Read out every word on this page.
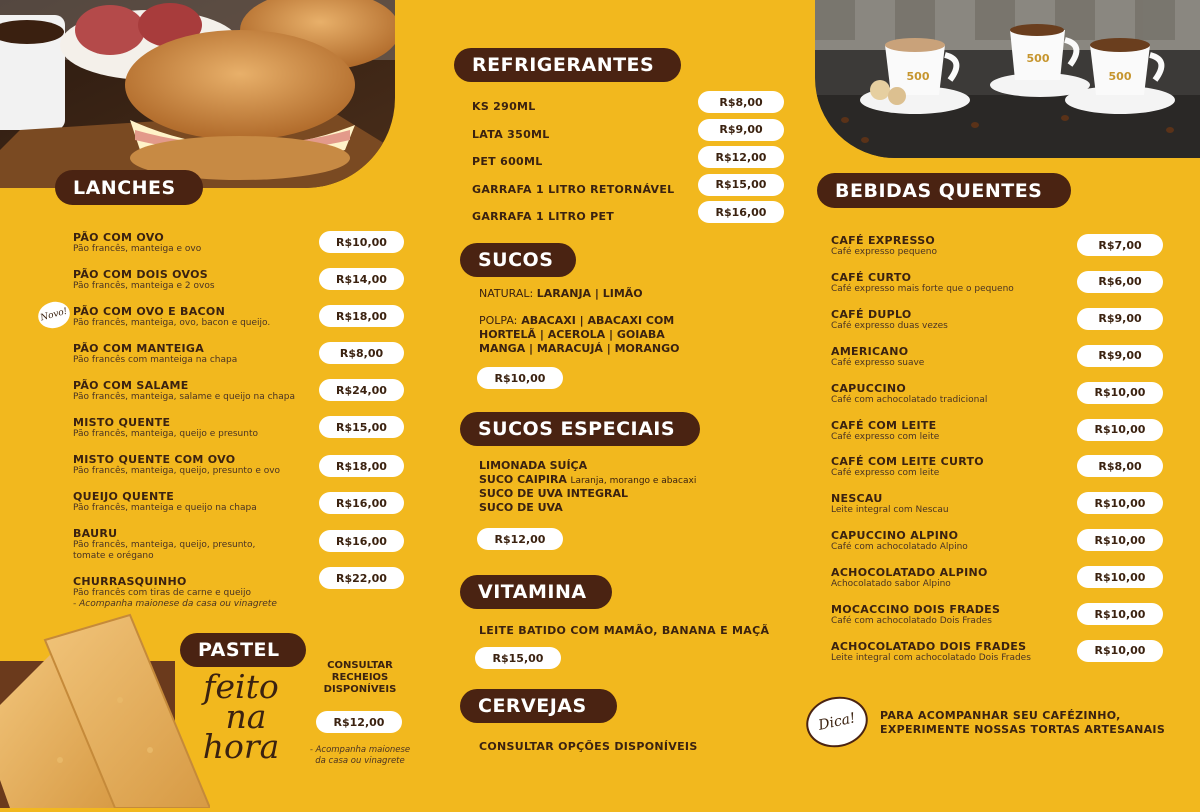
LANCHES
PÃO COM OVO
Pão francês, manteiga e ovo
R$10,00
PÃO COM DOIS OVOS
Pão francês, manteiga e 2 ovos
R$14,00
PÃO COM OVO E BACON
Pão francês, manteiga, ovo, bacon e queijo.
R$18,00
PÃO COM MANTEIGA
Pão francês com manteiga na chapa
R$8,00
PÃO COM SALAME
Pão francês, manteiga, salame e queijo na chapa
R$24,00
MISTO QUENTE
Pão francês, manteiga, queijo e presunto
R$15,00
MISTO QUENTE COM OVO
Pão francês, manteiga, queijo, presunto e ovo	R$18,00
QUEIJO QUENTE
Pão francês, manteiga e queijo na chapa	R$16,00
BAURU
Pão francês, manteiga, queijo, presunto,
tomate e orégano
R$16,00
CHURRASQUINHO
Pão francês com tiras de carne e queijo
- Acompanha maionese da casa ou vinagrete
R$22,00
Novo!
PASTEL
CONSULTAR
RECHEIOS
DISPONÍVEIS
feito
na
hora
R$12,00
- Acompanha maionese
da casa ou vinagrete
REFRIGERANTES
KS 290ML	R$8,00
LATA 350ML	R$9,00
PET 600ML	R$12,00
GARRAFA 1 LITRO RETORNÁVEL	R$15,00
GARRAFA 1 LITRO PET	R$16,00
SUCOS
NATURAL: LARANJA | LIMÃO
POLPA: ABACAXI | ABACAXI COM
HORTELÃ | ACEROLA | GOIABA
MANGA | MARACUJÁ | MORANGO
R$10,00
SUCOS ESPECIAIS
LIMONADA SUÍÇA
SUCO CAIPIRA Laranja, morango e abacaxi
SUCO DE UVA INTEGRAL
SUCO DE UVA
R$12,00
VITAMINA
LEITE BATIDO COM MAMÃO, BANANA E MAÇÃ
R$15,00
CERVEJAS
CONSULTAR OPÇÕES DISPONÍVEIS
500
500
500
BEBIDAS QUENTES
CAFÉ EXPRESSO
Café expresso pequeno
R$7,00
CAFÉ CURTO
Café expresso mais forte que o pequeno
R$6,00
CAFÉ DUPLO
Café expresso duas vezes
R$9,00
AMERICANO
Café expresso suave
R$9,00
CAPUCCINO
Café com achocolatado tradicional
R$10,00
CAFÉ COM LEITE
Café expresso com leite
R$10,00
CAFÉ COM LEITE CURTO
Café expresso com leite
R$8,00
NESCAU
Leite integral com Nescau
R$10,00
CAPUCCINO ALPINO
Café com achocolatado Alpino
R$10,00
ACHOCOLATADO ALPINO
Achocolatado sabor Alpino
R$10,00
MOCACCINO DOIS FRADES
Café com achocolatado Dois Frades
R$10,00
ACHOCOLATADO DOIS FRADES
Leite integral com achocolatado Dois Frades
R$10,00
Dica! PARA ACOMPANHAR SEU CAFÉZINHO,
EXPERIMENTE NOSSAS TORTAS ARTESANAIS
